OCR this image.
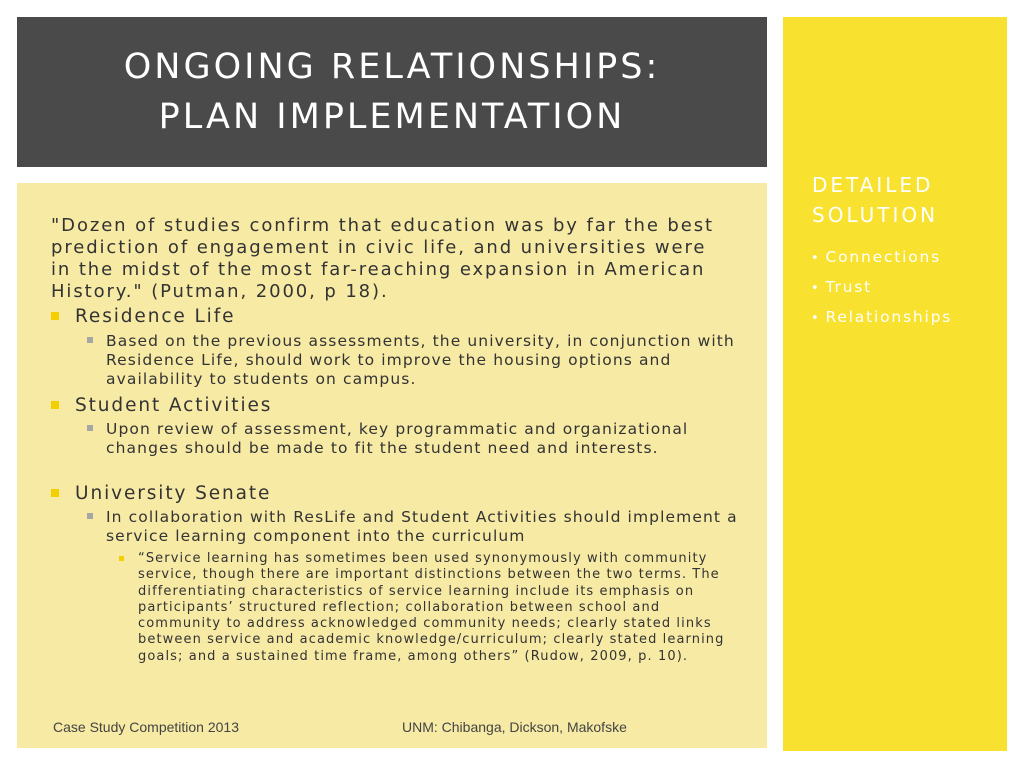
ONGOING RELATIONSHIPS:
PLAN IMPLEMENTATION
"Dozen of studies confirm that education was by far the best prediction of engagement in civic life, and universities were in the midst of the most far-reaching expansion in American History." (Putman, 2000, p 18).
Residence Life
Based on the previous assessments, the university, in conjunction with Residence Life, should work to improve the housing options and availability to students on campus.
Student Activities
Upon review of assessment, key programmatic and organizational changes should be made to fit the student need and interests.
University Senate
In collaboration with ResLife and Student Activities should implement a service learning component into the curriculum
“Service learning has sometimes been used synonymously with community service, though there are important distinctions between the two terms. The differentiating characteristics of service learning include its emphasis on participants’ structured reflection; collaboration between school and community to address acknowledged community needs; clearly stated links between service and academic knowledge/curriculum; clearly stated learning goals; and a sustained time frame, among others” (Rudow, 2009, p. 10).
Case Study Competition 2013	UNM: Chibanga, Dickson, Makofske
DETAILED
SOLUTION
• Connections
• Trust
• Relationships
